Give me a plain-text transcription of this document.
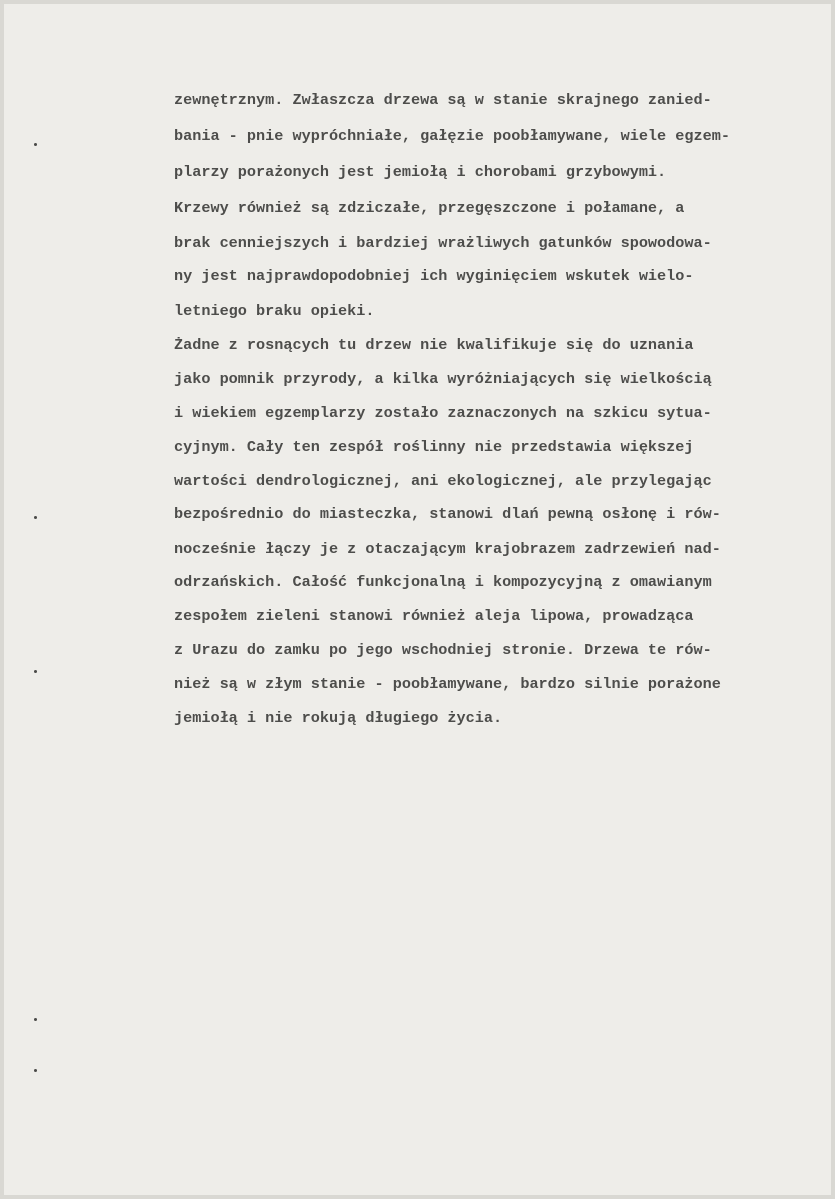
zewnętrznym. Zwłaszcza drzewa są w stanie skrajnego zanied-
bania - pnie wypróchniałe, gałęzie poobłamywane, wiele egzem-
plarzy porażonych jest jemiołą i chorobami grzybowymi.
Krzewy również są zdziczałe, przegęszczone i połamane, a
brak cenniejszych i bardziej wrażliwych gatunków spowodowa-
ny jest najprawdopodobniej ich wyginięciem wskutek wielo-
letniego braku opieki.
Żadne z rosnących tu drzew nie kwalifikuje się do uznania
jako pomnik przyrody, a kilka wyróżniających się wielkością
i wiekiem egzemplarzy zostało zaznaczonych na szkicu sytua-
cyjnym. Cały ten zespół roślinny nie przedstawia większej
wartości dendrologicznej, ani ekologicznej, ale przylegając
bezpośrednio do miasteczka, stanowi dlań pewną osłonę i rów-
nocześnie łączy je z otaczającym krajobrazem zadrzewień nad-
odrzańskich. Całość funkcjonalną i kompozycyjną z omawianym
zespołem zieleni stanowi również aleja lipowa, prowadząca
z Urazu do zamku po jego wschodniej stronie. Drzewa te rów-
nież są w złym stanie - poobłamywane, bardzo silnie porażone
jemiołą i nie rokują długiego życia.
